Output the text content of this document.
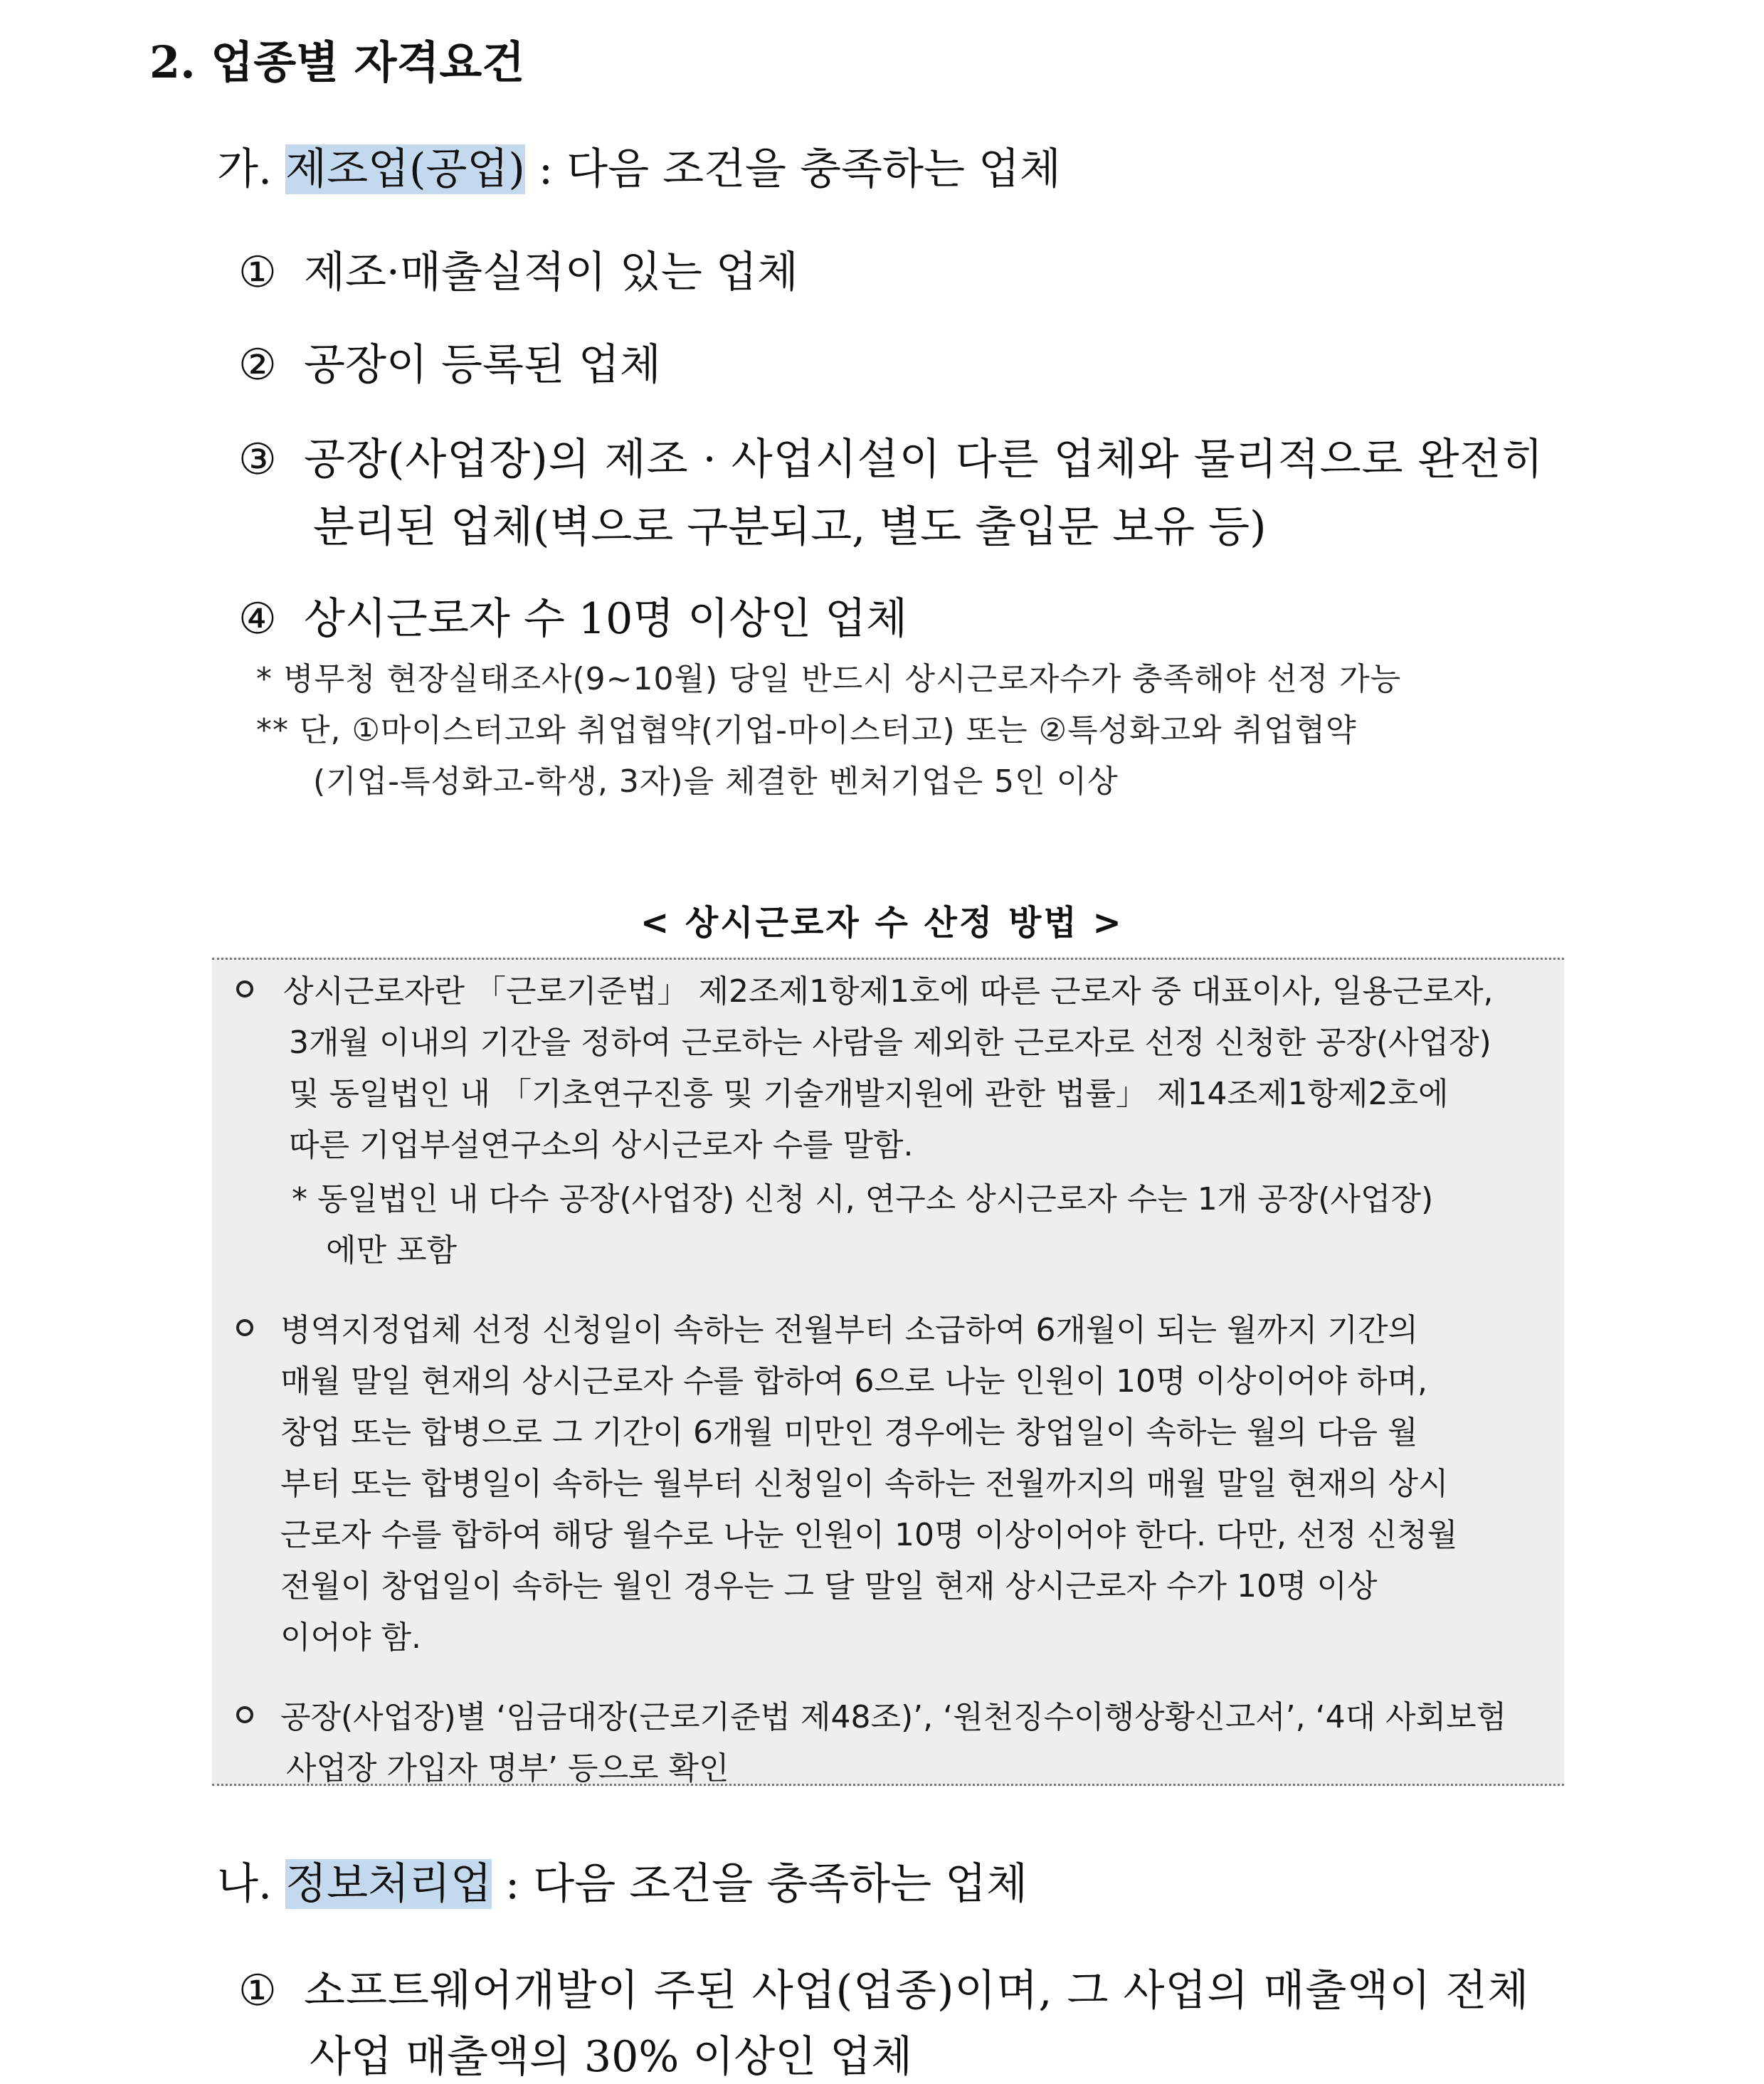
2. 업종별 자격요건
가. 제조업(공업) : 다음 조건을 충족하는 업체
① 제조·매출실적이 있는 업체
② 공장이 등록된 업체
③ 공장(사업장)의 제조 · 사업시설이 다른 업체와 물리적으로 완전히
분리된 업체(벽으로 구분되고, 별도 출입문 보유 등)
④ 상시근로자 수 10명 이상인 업체
* 병무청 현장실태조사(9~10월) 당일 반드시 상시근로자수가 충족해야 선정 가능
** 단, ①마이스터고와 취업협약(기업-마이스터고) 또는 ②특성화고와 취업협약
(기업-특성화고-학생, 3자)을 체결한 벤처기업은 5인 이상
< 상시근로자 수 산정 방법 >
상시근로자란 「근로기준법」 제2조제1항제1호에 따른 근로자 중 대표이사, 일용근로자,
3개월 이내의 기간을 정하여 근로하는 사람을 제외한 근로자로 선정 신청한 공장(사업장)
및 동일법인 내 「기초연구진흥 및 기술개발지원에 관한 법률」 제14조제1항제2호에
따른 기업부설연구소의 상시근로자 수를 말함.
* 동일법인 내 다수 공장(사업장) 신청 시, 연구소 상시근로자 수는 1개 공장(사업장)
에만 포함
병역지정업체 선정 신청일이 속하는 전월부터 소급하여 6개월이 되는 월까지 기간의
매월 말일 현재의 상시근로자 수를 합하여 6으로 나눈 인원이 10명 이상이어야 하며,
창업 또는 합병으로 그 기간이 6개월 미만인 경우에는 창업일이 속하는 월의 다음 월
부터 또는 합병일이 속하는 월부터 신청일이 속하는 전월까지의 매월 말일 현재의 상시
근로자 수를 합하여 해당 월수로 나눈 인원이 10명 이상이어야 한다. 다만, 선정 신청월
전월이 창업일이 속하는 월인 경우는 그 달 말일 현재 상시근로자 수가 10명 이상
이어야 함.
공장(사업장)별 ‘임금대장(근로기준법 제48조)’, ‘원천징수이행상황신고서’, ‘4대 사회보험
사업장 가입자 명부’ 등으로 확인
나. 정보처리업 : 다음 조건을 충족하는 업체
① 소프트웨어개발이 주된 사업(업종)이며, 그 사업의 매출액이 전체
사업 매출액의 30% 이상인 업체
